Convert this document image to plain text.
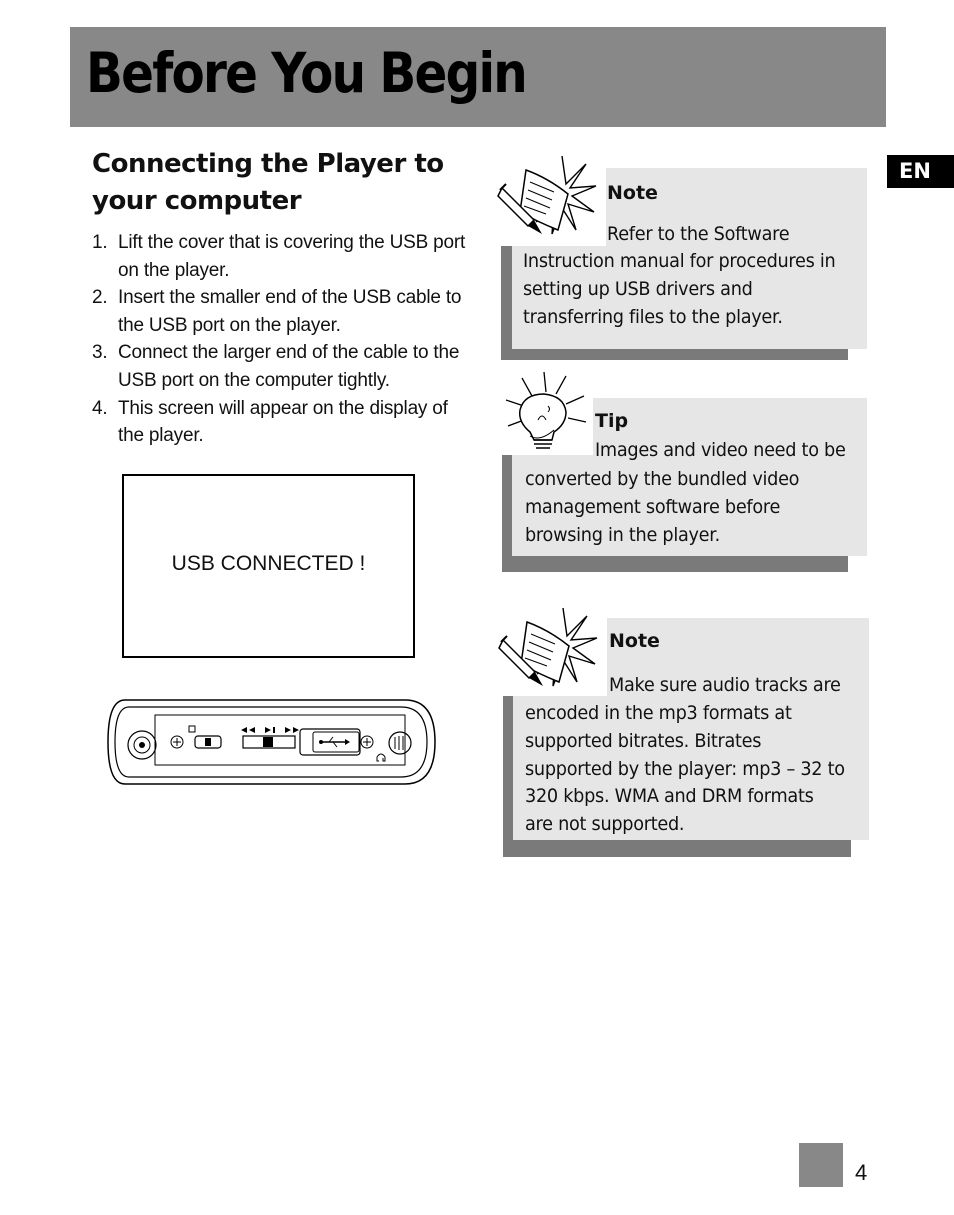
Before You Begin
EN
Connecting the Player to your computer
1. Lift the cover that is covering the USB port on the player.
2. Insert the smaller end of the USB cable to the USB port on the player.
3. Connect the larger end of the cable to the USB port on the computer tightly.
4. This screen will appear on the display of the player.
USB CONNECTED !
Note
Refer to the Software
Instruction manual for procedures in
setting up USB drivers and
transferring files to the player.
Tip
Images and video need to be
converted by the bundled video
management software before
browsing in the player.
Note
Make sure audio tracks are
encoded in the mp3 formats at
supported bitrates. Bitrates
supported by the player: mp3 – 32 to
320 kbps. WMA and DRM formats
are not supported.
4
